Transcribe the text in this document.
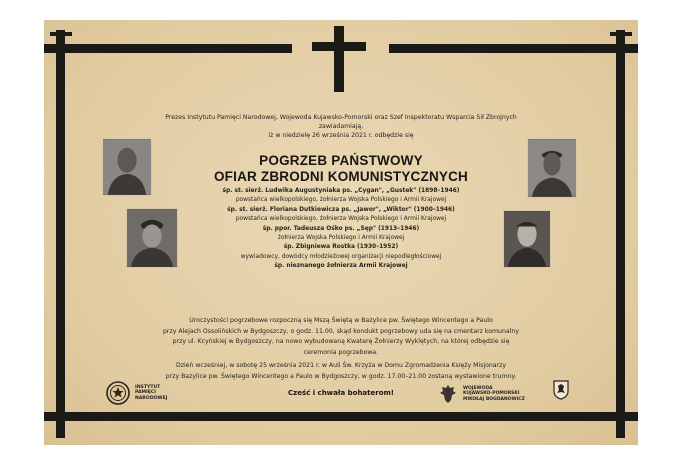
Prezes Instytutu Pamięci Narodowej, Wojewoda Kujawsko-Pomorski oraz Szef Inspektoratu Wsparcia Sił Zbrojnych
zawiadamiają,
iż w niedzielę 26 września 2021 r. odbędzie się
POGRZEB PAŃSTWOWY
OFIAR ZBRODNI KOMUNISTYCZNYCH
śp. st. sierż. Ludwika Augustyniaka ps. „Cygan", „Gustek" (1898–1946)
powstańca wielkopolskiego, żołnierza Wojska Polskiego i Armii Krajowej
śp. st. sierż. Floriana Dutkiewicza ps. „Jawor", „Wiktor" (1900–1946)
powstańca wielkopolskiego, żołnierza Wojska Polskiego i Armii Krajowej
śp. ppor. Tadeusza Ośko ps. „Sęp" (1913–1946)
żołnierza Wojska Polskiego i Armii Krajowej
śp. Zbigniewa Rostka (1930–1952)
wywiadowcy, dowódcy młodzieżowej organizacji niepodległościowej
śp. nieznanego żołnierza Armii Krajowej
Uroczystości pogrzebowe rozpoczną się Mszą Świętą w Bazylice pw. Świętego Wincentego a Paulo
przy Alejach Ossolińskich w Bydgoszczy, o godz. 11.00, skąd kondukt pogrzebowy uda się na cmentarz komunalny
przy ul. Kcyńskiej w Bydgoszczy, na nowo wybudowaną Kwaterę Żołnierzy Wyklętych, na której odbędzie się
ceremonia pogrzebowa.
Dzień wcześniej, w sobotę 25 września 2021 r. w Auli Św. Krzyża w Domu Zgromadzenia Księży Misjonarzy
przy Bazylice pw. Świętego Wincentego a Paulo w Bydgoszczy, w godz. 17.00–21.00 zostaną wystawione trumny.
Cześć i chwała bohaterom!
INSTYTUT
PAMIĘCI
NARODOWEJ
WOJEWODA
KUJAWSKO-POMORSKI
MIKOŁAJ BOGDANOWICZ
